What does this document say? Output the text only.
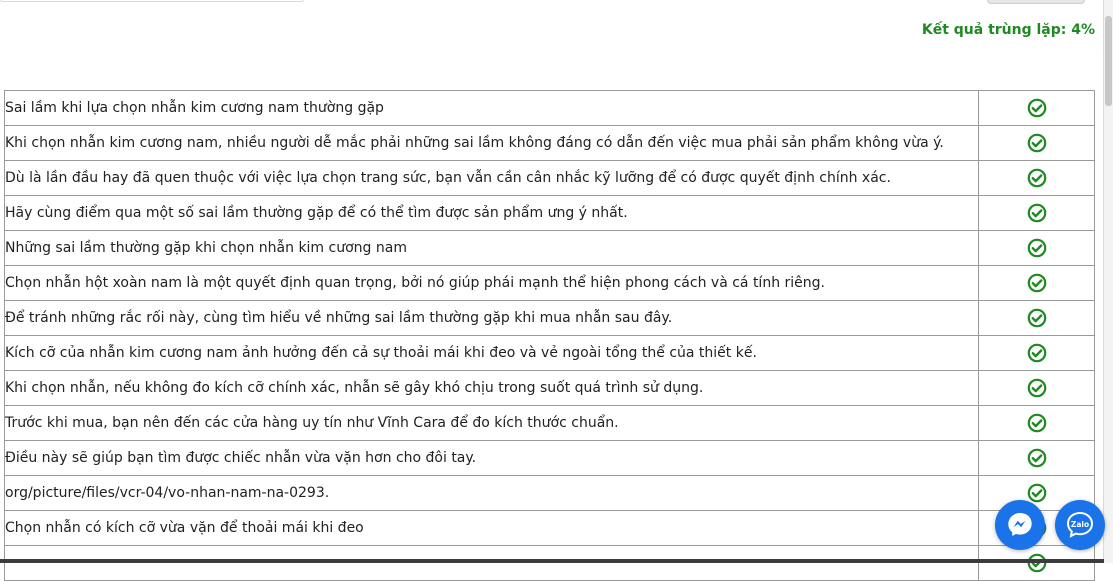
Kết quả trùng lặp: 4%
Sai lầm khi lựa chọn nhẫn kim cương nam thường gặp	

Khi chọn nhẫn kim cương nam, nhiều người dễ mắc phải những sai lầm không đáng có dẫn đến việc mua phải sản phẩm không vừa ý.	

Dù là lần đầu hay đã quen thuộc với việc lựa chọn trang sức, bạn vẫn cần cân nhắc kỹ lưỡng để có được quyết định chính xác.	

Hãy cùng điểm qua một số sai lầm thường gặp để có thể tìm được sản phẩm ưng ý nhất.	

Những sai lầm thường gặp khi chọn nhẫn kim cương nam	

Chọn nhẫn hột xoàn nam là một quyết định quan trọng, bởi nó giúp phái mạnh thể hiện phong cách và cá tính riêng.	

Để tránh những rắc rối này, cùng tìm hiểu về những sai lầm thường gặp khi mua nhẫn sau đây.	

Kích cỡ của nhẫn kim cương nam ảnh hưởng đến cả sự thoải mái khi đeo và vẻ ngoài tổng thể của thiết kế.	

Khi chọn nhẫn, nếu không đo kích cỡ chính xác, nhẫn sẽ gây khó chịu trong suốt quá trình sử dụng.	

Trước khi mua, bạn nên đến các cửa hàng uy tín như Vĩnh Cara để đo kích thước chuẩn.	

Điều này sẽ giúp bạn tìm được chiếc nhẫn vừa vặn hơn cho đôi tay.	

org/picture/files/vcr-04/vo-nhan-nam-na-0293.	

Chọn nhẫn có kích cỡ vừa vặn để thoải mái khi đeo	

		Zalo
